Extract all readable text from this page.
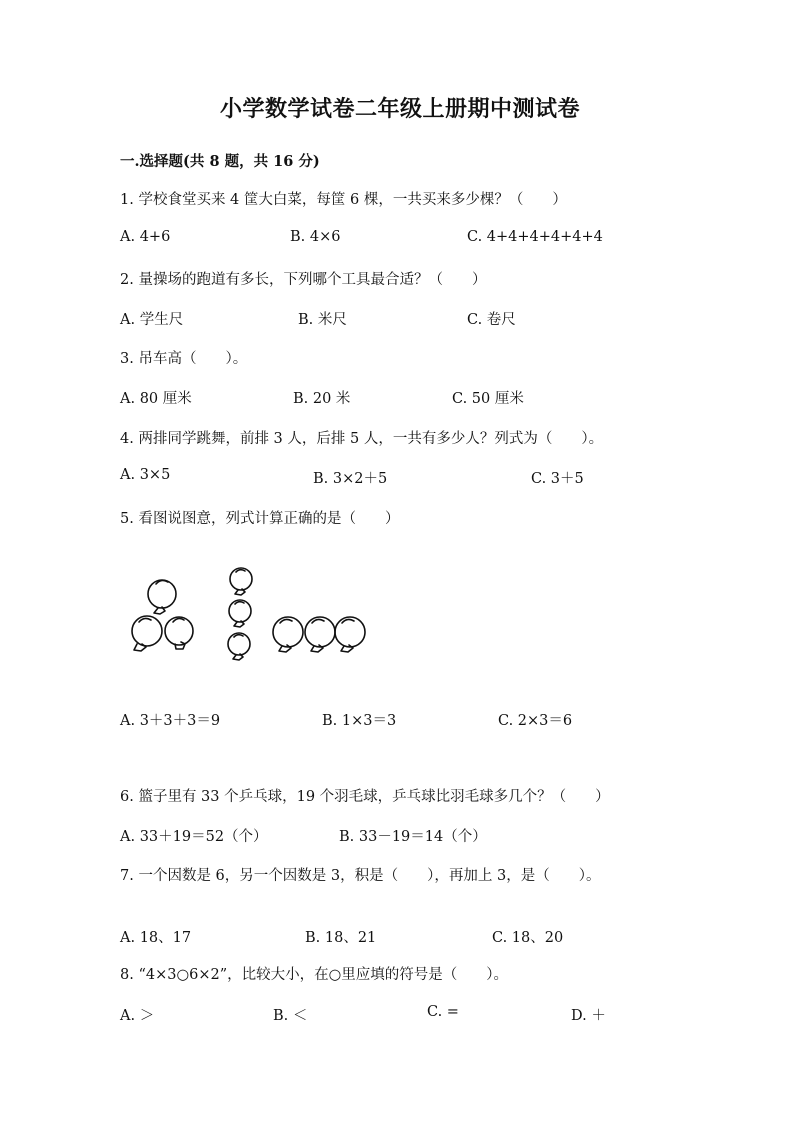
小学数学试卷二年级上册期中测试卷
一.选择题(共 8 题，共 16 分)
1. 学校食堂买来 4 筐大白菜，每筐 6 棵，一共买来多少棵？（　　）
A. 4+6	B. 4×6	C. 4+4+4+4+4+4
2. 量操场的跑道有多长，下列哪个工具最合适？（　　）
A. 学生尺	B. 米尺	C. 卷尺
3. 吊车高（　　）。
A. 80 厘米	B. 20 米	C. 50 厘米
4. 两排同学跳舞，前排 3 人，后排 5 人，一共有多少人？列式为（　　）。
A. 3×5	B. 3×2＋5	C. 3＋5
5. 看图说图意，列式计算正确的是（　　）
A. 3＋3＋3＝9	B. 1×3＝3	C. 2×3＝6
6. 篮子里有 33 个乒乓球，19 个羽毛球，乒乓球比羽毛球多几个？（　　）
A. 33＋19＝52（个）	B. 33－19＝14（个）
7. 一个因数是 6，另一个因数是 3，积是（　　），再加上 3，是（　　）。
A. 18、17	B. 18、21	C. 18、20
8. “4×3○6×2”，比较大小，在○里应填的符号是（　　）。
A. ＞	B. ＜	C. =	D. ＋
